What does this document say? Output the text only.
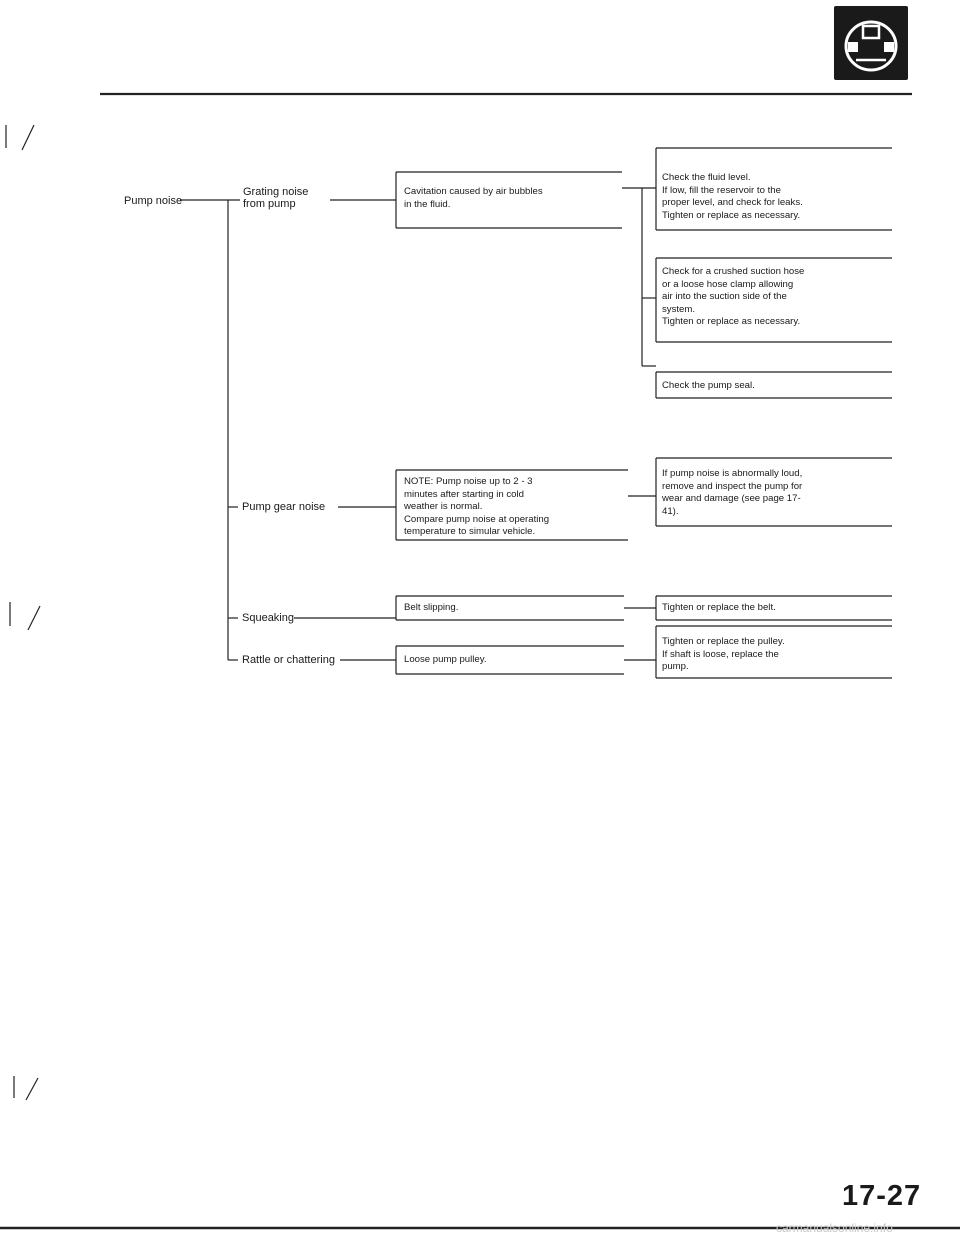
Pump noise
Grating noise
from pump
Pump gear noise
Squeaking
Rattle or chattering
Cavitation caused by air bubbles
in the fluid.
Check the fluid level.
If low, fill the reservoir to the
proper level, and check for leaks.
Tighten or replace as necessary.
Check for a crushed suction hose
or a loose hose clamp allowing
air into the suction side of the
system.
Tighten or replace as necessary.
Check the pump seal.
NOTE: Pump noise up to 2 - 3
minutes after starting in cold
weather is normal.
Compare pump noise at operating
temperature to simular vehicle.
If pump noise is abnormally loud,
remove and inspect the pump for
wear and damage (see page 17-
41).
Belt slipping.	Tighten or replace the belt.
Loose pump pulley.
Tighten or replace the pulley.
If shaft is loose, replace the
pump.
17-27
carmanualsonline.info
